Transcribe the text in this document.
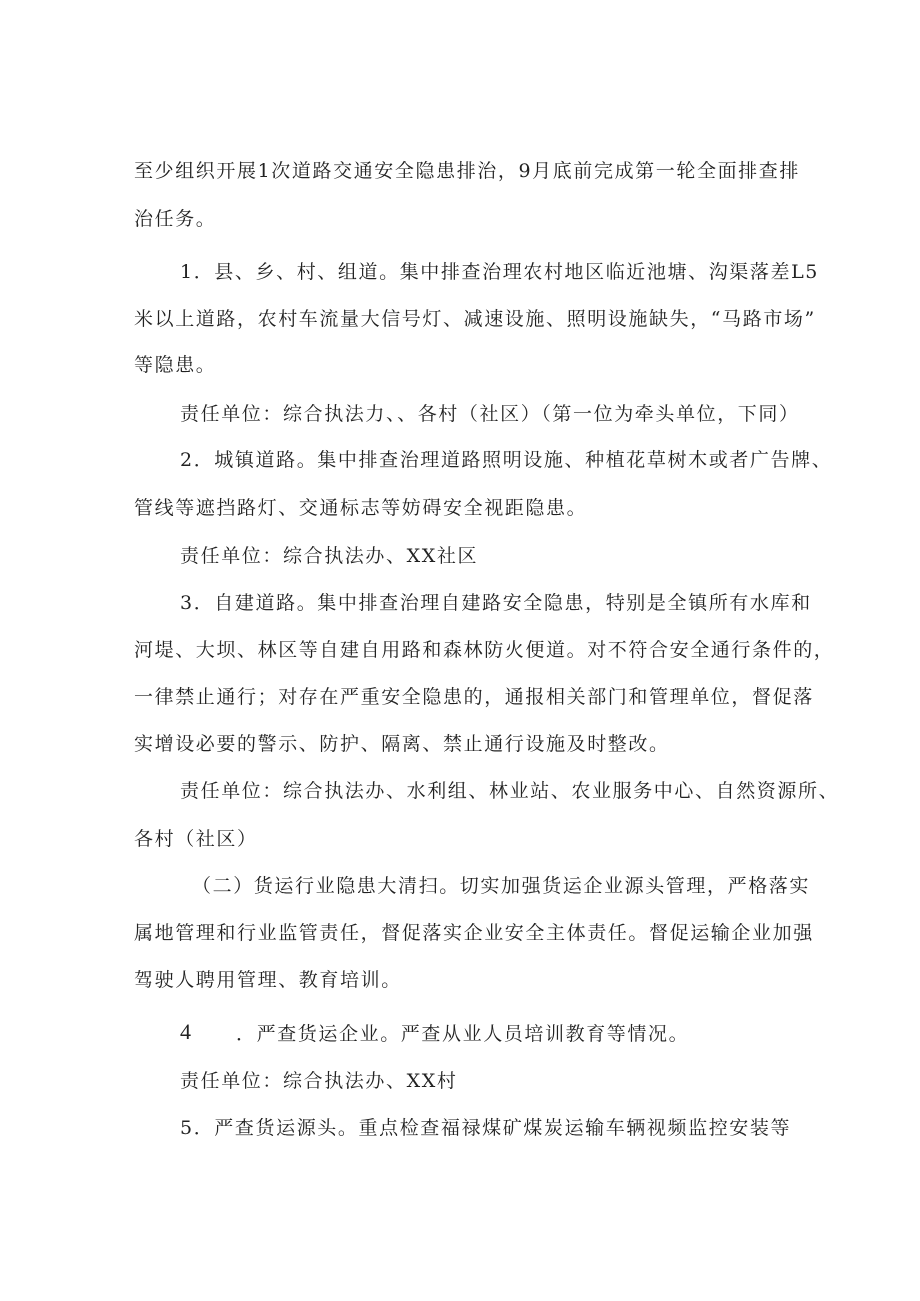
至少组织开展1次道路交通安全隐患排治，9月底前完成第一轮全面排查排
治任务。
1．县、乡、村、组道。集中排查治理农村地区临近池塘、沟渠落差L5
米以上道路，农村车流量大信号灯、减速设施、照明设施缺失，“马路市场”
等隐患。
责任单位：综合执法力、、各村（社区）（第一位为牵头单位，下同）
2．城镇道路。集中排查治理道路照明设施、种植花草树木或者广告牌、
管线等遮挡路灯、交通标志等妨碍安全视距隐患。
责任单位：综合执法办、XX社区
3．自建道路。集中排查治理自建路安全隐患，特别是全镇所有水库和
河堤、大坝、林区等自建自用路和森林防火便道。对不符合安全通行条件的，
一律禁止通行；对存在严重安全隐患的，通报相关部门和管理单位，督促落
实增设必要的警示、防护、隔离、禁止通行设施及时整改。
责任单位：综合执法办、水利组、林业站、农业服务中心、自然资源所、
各村（社区）
（二）货运行业隐患大清扫。切实加强货运企业源头管理，严格落实
属地管理和行业监管责任，督促落实企业安全主体责任。督促运输企业加强
驾驶人聘用管理、教育培训。
4 ．严查货运企业。严查从业人员培训教育等情况。
责任单位：综合执法办、XX村
5．严查货运源头。重点检查福禄煤矿煤炭运输车辆视频监控安装等
